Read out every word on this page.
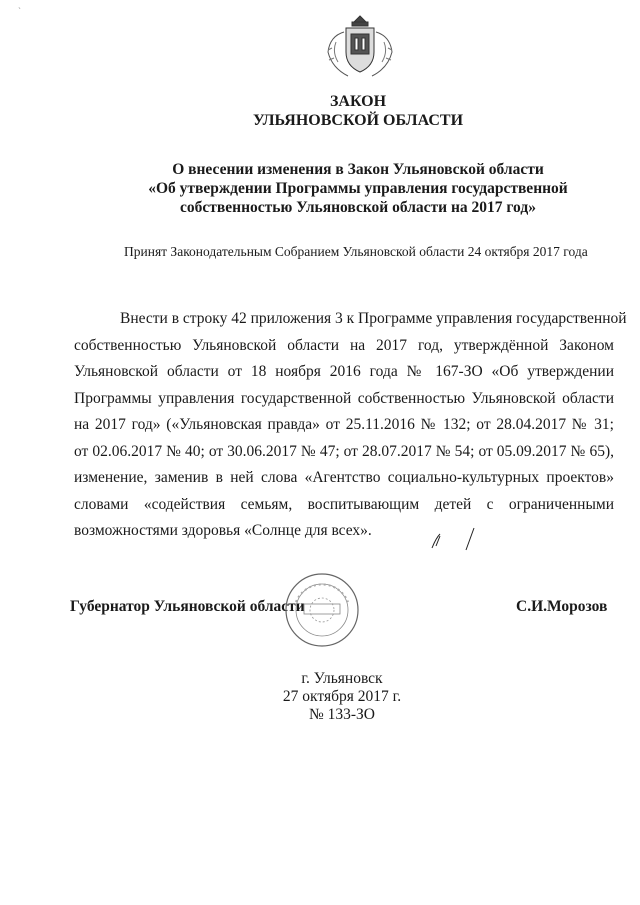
`
ЗАКОН
УЛЬЯНОВСКОЙ ОБЛАСТИ
О внесении изменения в Закон Ульяновской области
«Об утверждении Программы управления государственной
собственностью Ульяновской области на 2017 год»
Принят Законодательным Собранием Ульяновской области 24 октября 2017 года
Внести в строку 42 приложения 3 к Программе управления государственной
собственностью Ульяновской области на 2017 год, утверждённой Законом
Ульяновской области от 18 ноября 2016 года № 167-ЗО «Об утверждении
Программы управления государственной собственностью Ульяновской области
на 2017 год» («Ульяновская правда» от 25.11.2016 № 132; от 28.04.2017 № 31;
от 02.06.2017 № 40; от 30.06.2017 № 47; от 28.07.2017 № 54; от 05.09.2017 № 65),
изменение, заменив в ней слова «Агентство социально-культурных проектов»
словами «содействия семьям, воспитывающим детей с ограниченными
возможностями здоровья «Солнце для всех».
Губернатор Ульяновской области	С.И.Морозов
г. Ульяновск
27 октября 2017 г.
№ 133-ЗО
